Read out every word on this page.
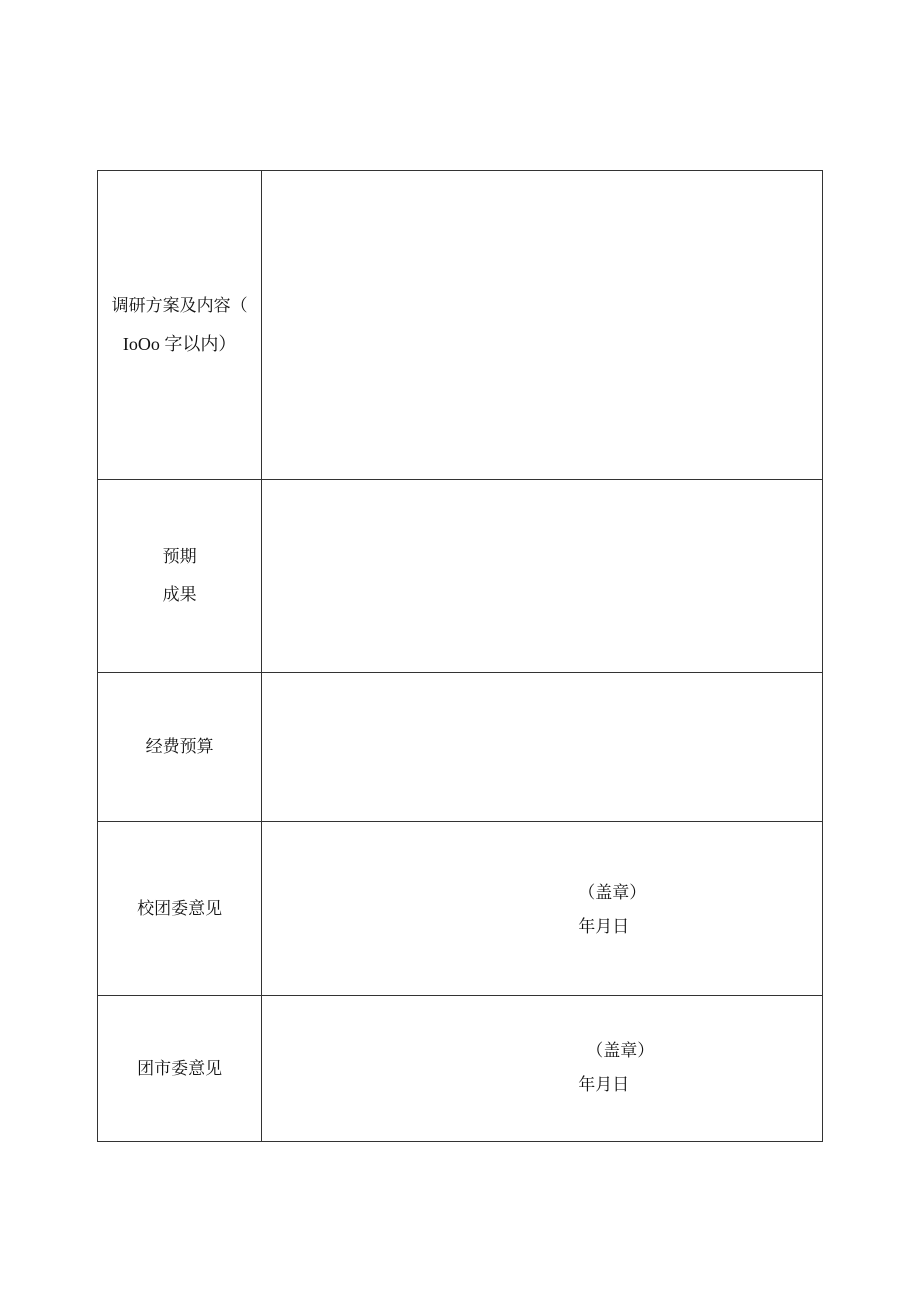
调研方案及内容（
IoOo 字以内）	

预期
成果	

经费预算	

校团委意见	（盖章）
年月日

团市委意见	（盖章）
年月日
